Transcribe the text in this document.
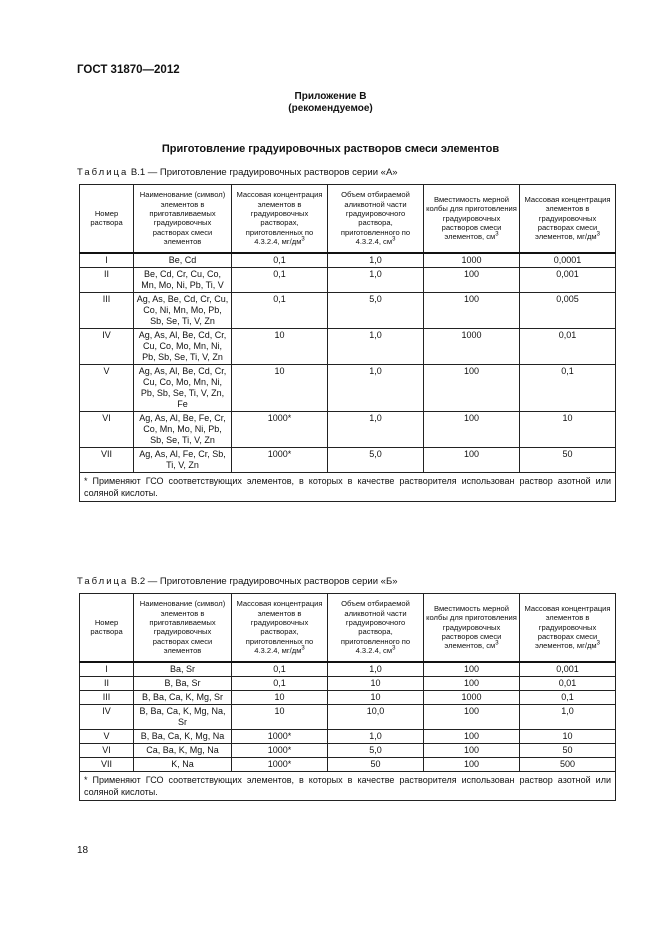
ГОСТ 31870—2012
Приложение В
(рекомендуемое)
Приготовление градуировочных растворов смеси элементов
Таблица В.1 — Приготовление градуировочных растворов серии «А»
Номер раствора	Наименование (символ) элементов в приготавливаемых градуировочных растворах смеси элементов	Массовая концентрация элементов в градуировочных растворах, приготовленных по 4.3.2.4, $мг/дм^3$	Объем отбираемой аликвотной части градуировочного раствора, приготовленного по 4.3.2.4, $см^3$	Вместимость мерной колбы для приготовления градуировочных растворов смеси элементов, $см^3$	Массовая концентрация элементов в градуировочных растворах смеси элементов, $мг/дм^3$
I	Be, Cd	0,1	1,0	1000	0,0001
II	Be, Cd, Cr, Cu, Co, Mn, Mo, Ni, Pb, Ti, V	0,1	1,0	100	0,001
III	Ag, As, Be, Cd, Cr, Cu, Co, Ni, Mn, Mo, Pb, Sb, Se, Ti, V, Zn	0,1	5,0	100	0,005
IV	Ag, As, Al, Be, Cd, Cr, Cu, Co, Mo, Mn, Ni, Pb, Sb, Se, Ti, V, Zn	10	1,0	1000	0,01
V	Ag, As, Al, Be, Cd, Cr, Cu, Co, Mo, Mn, Ni, Pb, Sb, Se, Ti, V, Zn, Fe	10	1,0	100	0,1
VI	Ag, As, Al, Be, Fe, Cr, Co, Mn, Mo, Ni, Pb, Sb, Se, Ti, V, Zn	1000*	1,0	100	10
VII	Ag, As, Al, Fe, Cr, Sb, Ti, V, Zn	1000*	5,0	100	50
* Применяют ГСО соответствующих элементов, в которых в качестве растворителя использован раствор азотной или соляной кислоты.					
Таблица В.2 — Приготовление градуировочных растворов серии «Б»
Номер раствора	Наименование (символ) элементов в приготавливаемых градуировочных растворах смеси элементов	Массовая концентрация элементов в градуировочных растворах, приготовленных по 4.3.2.4, $мг/дм^3$	Объем отбираемой аликвотной части градуировочного раствора, приготовленного по 4.3.2.4, $см^3$	Вместимость мерной колбы для приготовления градуировочных растворов смеси элементов, $см^3$	Массовая концентрация элементов в градуировочных растворах смеси элементов, $мг/дм^3$
I	Ba, Sr	0,1	1,0	100	0,001
II	B, Ba, Sr	0,1	10	100	0,01
III	B, Ba, Ca, K, Mg, Sr	10	10	1000	0,1
IV	B, Ba, Ca, K, Mg, Na, Sr	10	10,0	100	1,0
V	B, Ba, Ca, K, Mg, Na	1000*	1,0	100	10
VI	Ca, Ba, K, Mg, Na	1000*	5,0	100	50
VII	K, Na	1000*	50	100	500
* Применяют ГСО соответствующих элементов, в которых в качестве растворителя использован раствор азотной или соляной кислоты.					
18
